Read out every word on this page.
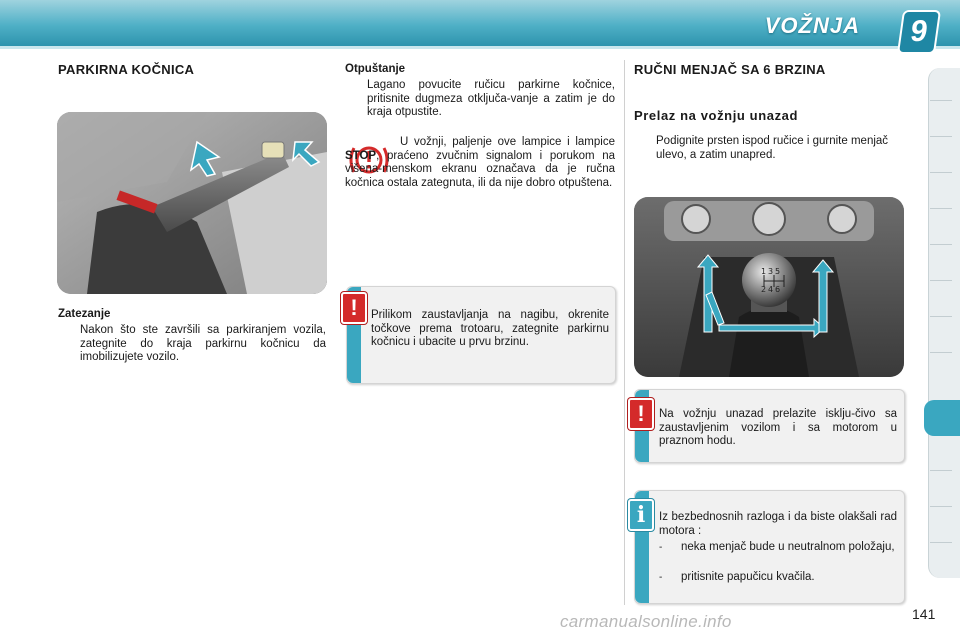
VOŽNJA	9
PARKIRNA KOČNICA
Zatezanje
Nakon što ste završili sa parkiranjem vozila, zategnite do kraja parkirnu kočnicu da imobilizujete vozilo.
Otpuštanje
Lagano povucite ručicu parkirne kočnice, pritisnite dugmeza otključa-vanje a zatim je do kraja otpustite.
U vožnji, paljenje ove lampice i lampice STOP, praćeno zvučnim signalom i porukom na višena-menskom ekranu označava da je ručna kočnica ostala zategnuta, ili da nije dobro otpuštena.
Prilikom zaustavljanja na nagibu, okrenite točkove prema trotoaru, zategnite parkirnu kočnicu i ubacite u prvu brzinu.
!
RUČNI MENJAČ SA 6 BRZINA
Prelaz na vožnju unazad
Podignite prsten ispod ručice i gurnite menjač ulevo, a zatim unapred.
1 3 5
2 4 6
Na vožnju unazad prelazite isklju-čivo sa zaustavljenim vozilom i sa motorom u praznom hodu.
!
Iz bezbednosnih razloga i da biste olakšali rad motora :
-	neka menjač bude u neutralnom položaju,
-	pritisnite papučicu kvačila.
i
carmanualsonline.info	141
